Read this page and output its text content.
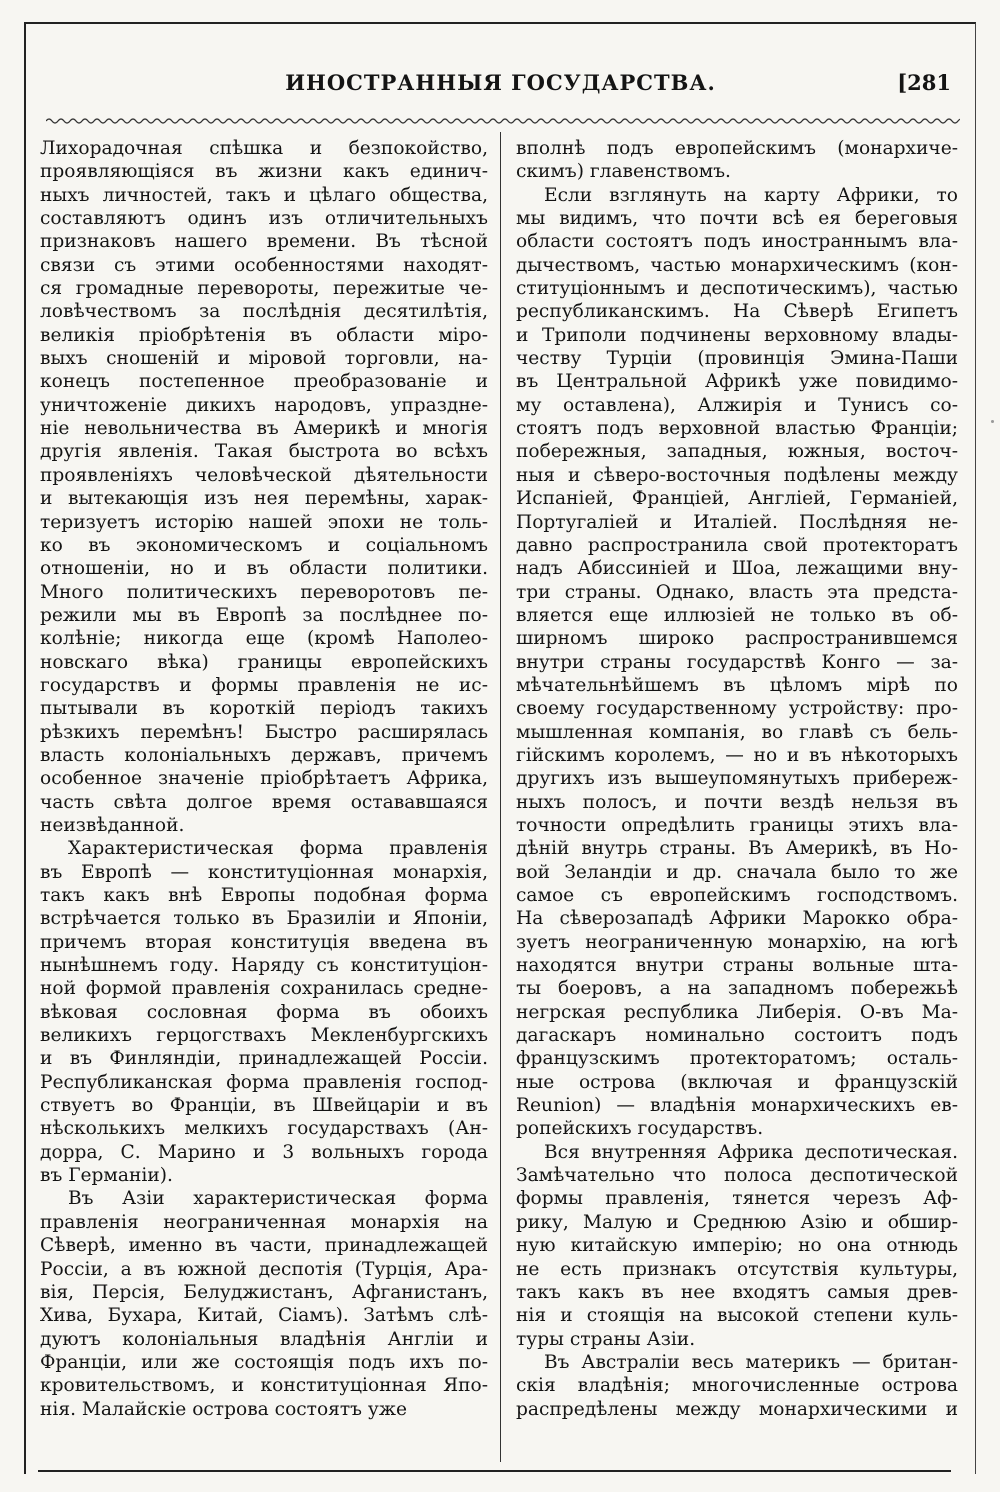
ИНОСТРАННЫЯ ГОСУДАРСТВА.	[281
Лихорадочная спѣшка и безпокойство,
проявляющіяся въ жизни какъ единич-
ныхъ личностей, такъ и цѣлаго общества,
составляютъ одинъ изъ отличительныхъ
признаковъ нашего времени. Въ тѣсной
связи съ этими особенностями находят-
ся громадные перевороты, пережитые че-
ловѣчествомъ за послѣднія десятилѣтія,
великія пріобрѣтенія въ области міро-
выхъ сношеній и міровой торговли, на-
конецъ постепенное преобразованіе и
уничтоженіе дикихъ народовъ, упраздне-
ніе невольничества въ Америкѣ и многія
другія явленія. Такая быстрота во всѣхъ
проявленіяхъ человѣческой дѣятельности
и вытекающія изъ нея перемѣны, харак-
теризуетъ исторію нашей эпохи не толь-
ко въ экономическомъ и соціальномъ
отношеніи, но и въ области политики.
Много политическихъ переворотовъ пе-
режили мы въ Европѣ за послѣднее по-
колѣніе; никогда еще (кромѣ Наполео-
новскаго вѣка) границы европейскихъ
государствъ и формы правленія не ис-
пытывали въ короткій періодъ такихъ
рѣзкихъ перемѣнъ! Быстро расширялась
власть колоніальныхъ державъ, причемъ
особенное значеніе пріобрѣтаетъ Африка,
часть свѣта долгое время остававшаяся
неизвѣданной.
Характеристическая форма правленія
въ Европѣ — конституціонная монархія,
такъ какъ внѣ Европы подобная форма
встрѣчается только въ Бразиліи и Японіи,
причемъ вторая конституція введена въ
нынѣшнемъ году. Наряду съ конституціон-
ной формой правленія сохранилась средне-
вѣковая сословная форма въ обоихъ
великихъ герцогствахъ Мекленбургскихъ
и въ Финляндіи, принадлежащей Россіи.
Республиканская форма правленія господ-
ствуетъ во Франціи, въ Швейцаріи и въ
нѣсколькихъ мелкихъ государствахъ (Ан-
дорра, С. Марино и 3 вольныхъ города
въ Германіи).
Въ Азіи характеристическая форма
правленія неограниченная монархія на
Сѣверѣ, именно въ части, принадлежащей
Россіи, а въ южной деспотія (Турція, Ара-
вія, Персія, Белуджистанъ, Афганистанъ,
Хива, Бухара, Китай, Сіамъ). Затѣмъ слѣ-
дуютъ колоніальныя владѣнія Англіи и
Франціи, или же состоящія подъ ихъ по-
кровительствомъ, и конституціонная Япо-
нія. Малайскіе острова состоятъ уже
вполнѣ подъ европейскимъ (монархиче-
скимъ) главенствомъ.
Если взглянуть на карту Африки, то
мы видимъ, что почти всѣ ея береговыя
области состоятъ подъ иностраннымъ вла-
дычествомъ, частью монархическимъ (кон-
ституціоннымъ и деспотическимъ), частью
республиканскимъ. На Сѣверѣ Египетъ
и Триполи подчинены верховному влады-
честву Турціи (провинція Эмина-Паши
въ Центральной Африкѣ уже повидимо-
му оставлена), Алжирія и Тунисъ со-
стоятъ подъ верховной властью Франціи;
побережныя, западныя, южныя, восточ-
ныя и сѣверо-восточныя подѣлены между
Испаніей, Франціей, Англіей, Германіей,
Португаліей и Италіей. Послѣдняя не-
давно распространила свой протекторатъ
надъ Абиссиніей и Шоа, лежащими вну-
три страны. Однако, власть эта предста-
вляется еще иллюзіей не только въ об-
ширномъ широко распространившемся
внутри страны государствѣ Конго — за-
мѣчательнѣйшемъ въ цѣломъ мірѣ по
своему государственному устройству: про-
мышленная компанія, во главѣ съ бель-
гійскимъ королемъ, — но и въ нѣкоторыхъ
другихъ изъ вышеупомянутыхъ прибереж-
ныхъ полосъ, и почти вездѣ нельзя въ
точности опредѣлить границы этихъ вла-
дѣній внутрь страны. Въ Америкѣ, въ Но-
вой Зеландіи и др. сначала было то же
самое съ европейскимъ господствомъ.
На сѣверозападѣ Африки Марокко обра-
зуетъ неограниченную монархію, на югѣ
находятся внутри страны вольные шта-
ты боеровъ, а на западномъ побережьѣ
негрская республика Либерія. О-въ Ма-
дагаскаръ номинально состоитъ подъ
французскимъ протекторатомъ; осталь-
ные острова (включая и французскій
Reunion) — владѣнія монархическихъ ев-
ропейскихъ государствъ.
Вся внутренняя Африка деспотическая.
Замѣчательно что полоса деспотической
формы правленія, тянется черезъ Аф-
рику, Малую и Среднюю Азію и обшир-
ную китайскую имперію; но она отнюдь
не есть признакъ отсутствія культуры,
такъ какъ въ нее входятъ самыя древ-
нія и стоящія на высокой степени куль-
туры страны Азіи.
Въ Австраліи весь материкъ — британ-
скія владѣнія; многочисленные острова
распредѣлены между монархическими и
